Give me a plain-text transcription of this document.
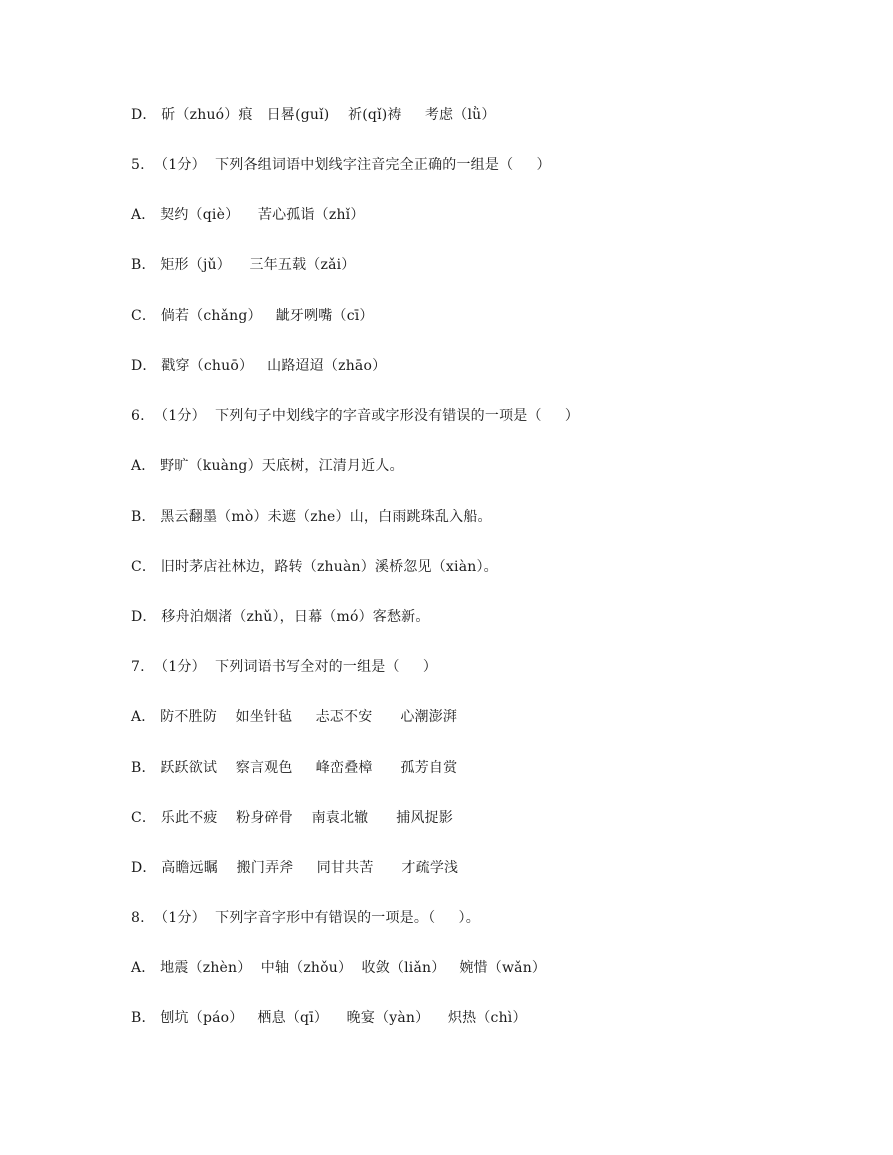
D． 斫（zhuó）痕   日晷(guǐ)    祈(qǐ)祷     考虑（lǜ）
5.  （1分）  下列各组词语中划线字注音完全正确的一组是（     ）
A． 契约（qiè）    苦心孤诣（zhǐ）
B． 矩形（jǔ）    三年五载（zǎi）
C． 倘若（chǎng）   龇牙咧嘴（cī）
D． 戳穿（chuō）   山路迢迢（zhāo）
6.  （1分）  下列句子中划线字的字音或字形没有错误的一项是（     ）
A． 野旷（kuàng）天底树，江清月近人。
B． 黑云翻墨（mò）未遮（zhe）山，白雨跳珠乱入船。
C． 旧时茅店社林边，路转（zhuàn）溪桥忽见（xiàn）。
D． 移舟泊烟渚（zhǔ），日幕（mó）客愁新。
7.  （1分）  下列词语书写全对的一组是（     ）
A． 防不胜防    如坐针毡     忐忑不安      心潮澎湃
B． 跃跃欲试    察言观色     峰峦叠樟      孤芳自赏
C． 乐此不疲    粉身碎骨    南袁北辙      捕风捉影
D． 高瞻远瞩    搬门弄斧     同甘共苦      才疏学浅
8.  （1分）  下列字音字形中有错误的一项是。（     ）。
A． 地震（zhèn）  中轴（zhǒu）  收敛（liǎn）   婉惜（wǎn）
B． 刨坑（páo）   栖息（qī）    晚宴（yàn）    炽热（chì）
